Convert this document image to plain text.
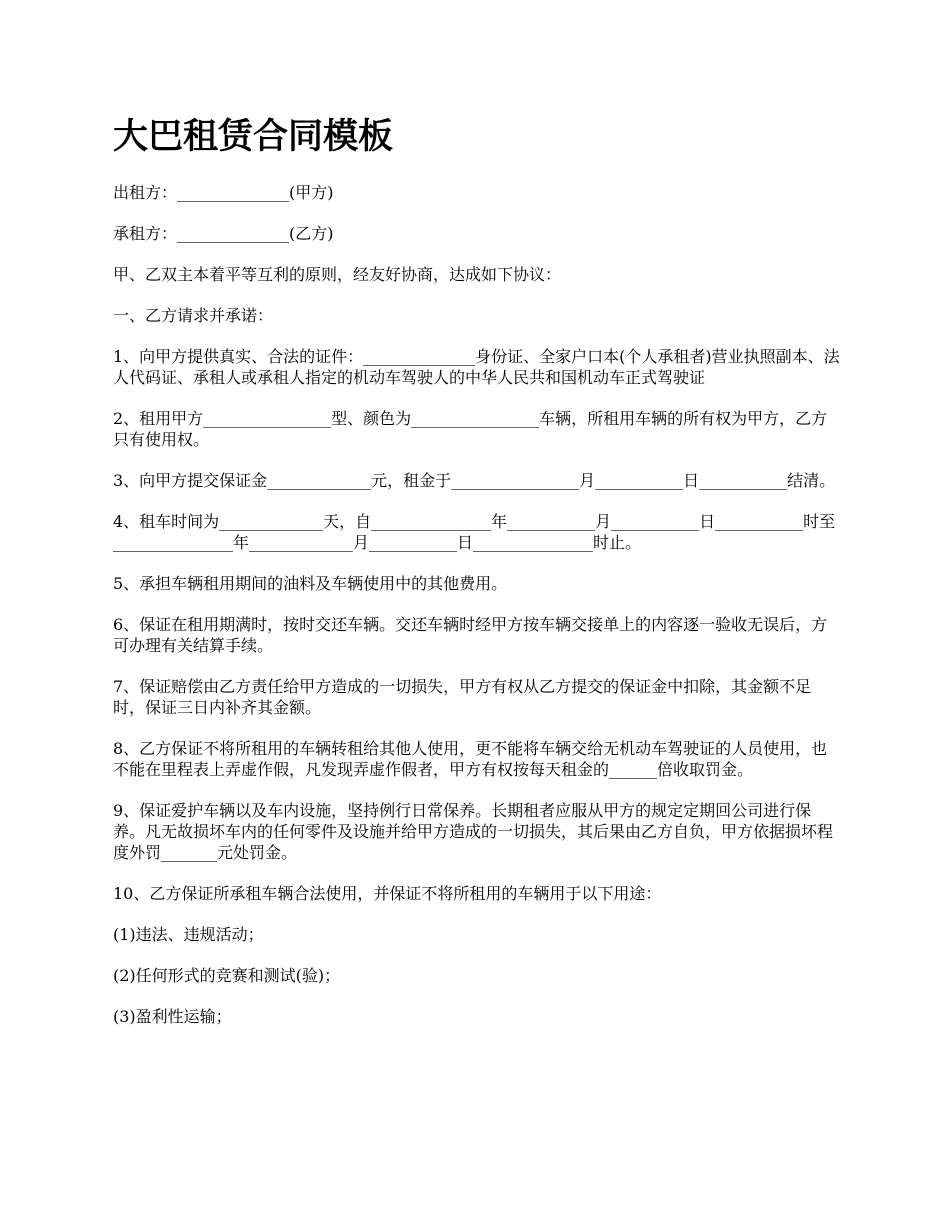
大巴租赁合同模板

出租方：______________(甲方)

承租方：______________(乙方)

甲、乙双主本着平等互利的原则，经友好协商，达成如下协议：

一、乙方请求并承诺：

1、向甲方提供真实、合法的证件：______________身份证、全家户口本(个人承租者)营业执照副本、法人代码证、承租人或承租人指定的机动车驾驶人的中华人民共和国机动车正式驾驶证

2、租用甲方________________型、颜色为________________车辆，所租用车辆的所有权为甲方，乙方只有使用权。

3、向甲方提交保证金_____________元，租金于________________月___________日___________结清。

4、租车时间为_____________天，自_______________年___________月___________日___________时至_______________年_____________月___________日_______________时止。

5、承担车辆租用期间的油料及车辆使用中的其他费用。

6、保证在租用期满时，按时交还车辆。交还车辆时经甲方按车辆交接单上的内容逐一验收无误后，方可办理有关结算手续。

7、保证赔偿由乙方责任给甲方造成的一切损失，甲方有权从乙方提交的保证金中扣除，其金额不足时，保证三日内补齐其金额。

8、乙方保证不将所租用的车辆转租给其他人使用，更不能将车辆交给无机动车驾驶证的人员使用，也不能在里程表上弄虚作假，凡发现弄虚作假者，甲方有权按每天租金的______倍收取罚金。

9、保证爱护车辆以及车内设施，坚持例行日常保养。长期租者应服从甲方的规定定期回公司进行保养。凡无故损坏车内的任何零件及设施并给甲方造成的一切损失，其后果由乙方自负，甲方依据损坏程度外罚_______元处罚金。

10、乙方保证所承租车辆合法使用，并保证不将所租用的车辆用于以下用途：

(1)违法、违规活动；

(2)任何形式的竞赛和测试(验)；

(3)盈利性运输；
